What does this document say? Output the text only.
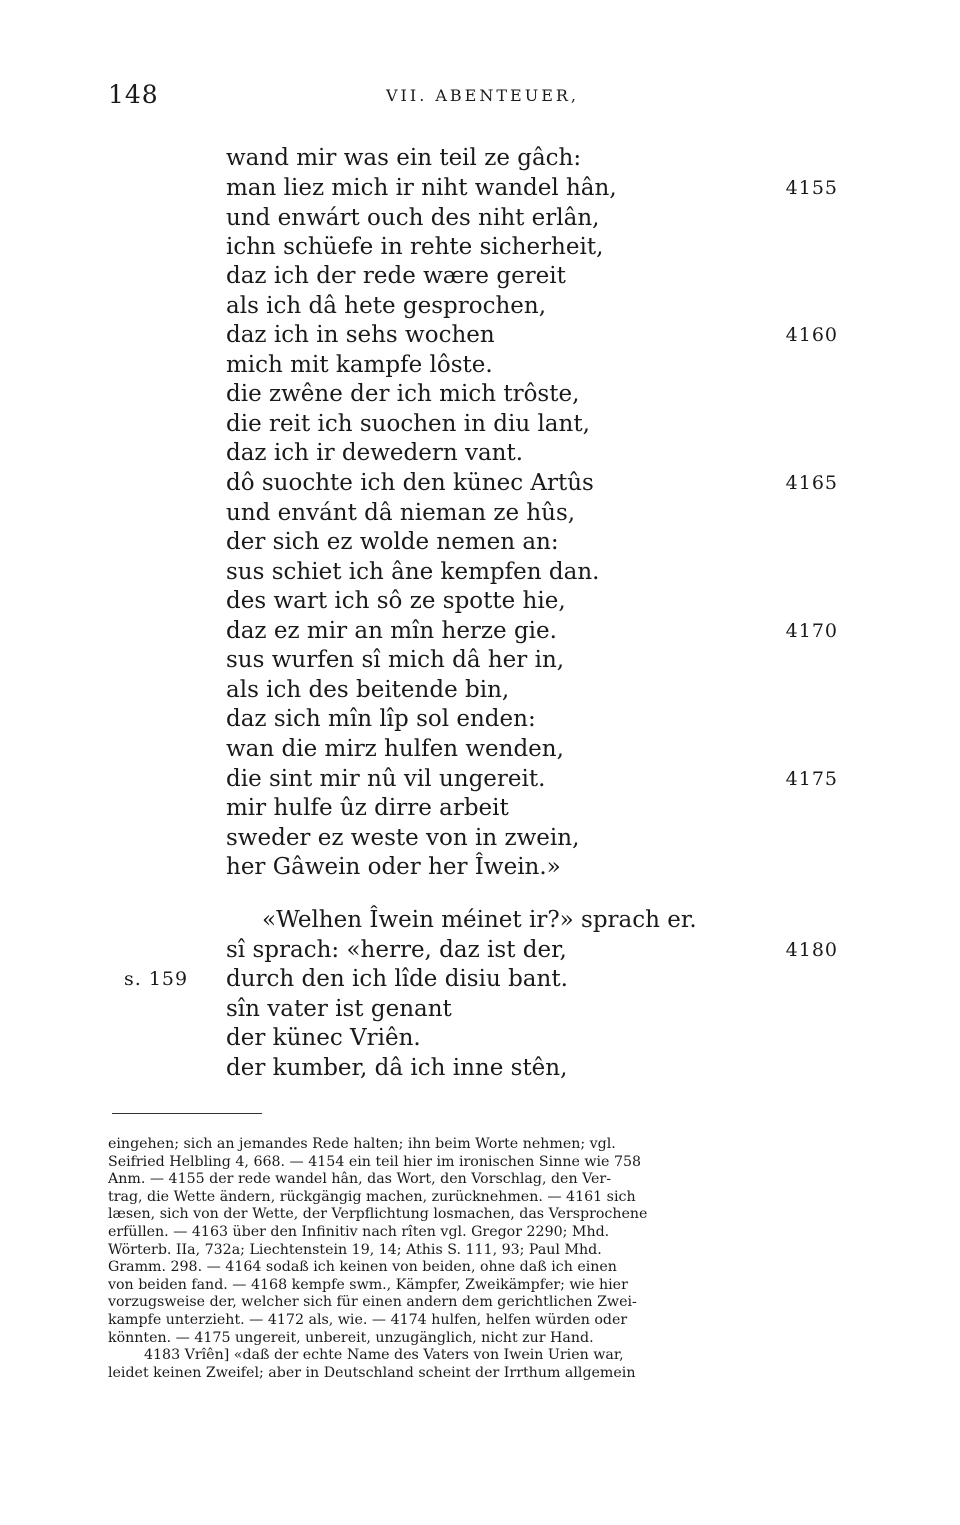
148	VII. ABENTEUER,
wand mir was ein teil ze gâch:
man liez mich ir niht wandel hân,	4155
und enwárt ouch des niht erlân,
ichn schüefe in rehte sicherheit,
daz ich der rede wære gereit
als ich dâ hete gesprochen,
daz ich in sehs wochen	4160
mich mit kampfe lôste.
die zwêne der ich mich trôste,
die reit ich suochen in diu lant,
daz ich ir dewedern vant.
dô suochte ich den künec Artûs	4165
und envánt dâ nieman ze hûs,
der sich ez wolde nemen an:
sus schiet ich âne kempfen dan.
des wart ich sô ze spotte hie,
daz ez mir an mîn herze gie.	4170
sus wurfen sî mich dâ her in,
als ich des beitende bin,
daz sich mîn lîp sol enden:
wan die mirz hulfen wenden,
die sint mir nû vil ungereit.	4175
mir hulfe ûz dirre arbeit
sweder ez weste von in zwein,
her Gâwein oder her Îwein.»
«Welhen Îwein méinet ir?» sprach er.
sî sprach: «herre, daz ist der,	4180
s. 159 durch den ich lîde disiu bant.
sîn vater ist genant
der künec Vriên.
der kumber, dâ ich inne stên,
eingehen; sich an jemandes Rede halten; ihn beim Worte nehmen; vgl.
Seifried Helbling 4, 668. — 4154 ein teil hier im ironischen Sinne wie 758
Anm. — 4155 der rede wandel hân, das Wort, den Vorschlag, den Ver-
trag, die Wette ändern, rückgängig machen, zurücknehmen. — 4161 sich
læsen, sich von der Wette, der Verpflichtung losmachen, das Versprochene
erfüllen. — 4163 über den Infinitiv nach rîten vgl. Gregor 2290; Mhd.
Wörterb. IIa, 732a; Liechtenstein 19, 14; Athis S. 111, 93; Paul Mhd.
Gramm. 298. — 4164 sodaß ich keinen von beiden, ohne daß ich einen
von beiden fand. — 4168 kempfe swm., Kämpfer, Zweikämpfer; wie hier
vorzugsweise der, welcher sich für einen andern dem gerichtlichen Zwei-
kampfe unterzieht. — 4172 als, wie. — 4174 hulfen, helfen würden oder
könnten. — 4175 ungereit, unbereit, unzugänglich, nicht zur Hand.
4183 Vrîên] «daß der echte Name des Vaters von Iwein Urien war,
leidet keinen Zweifel; aber in Deutschland scheint der Irrthum allgemein
